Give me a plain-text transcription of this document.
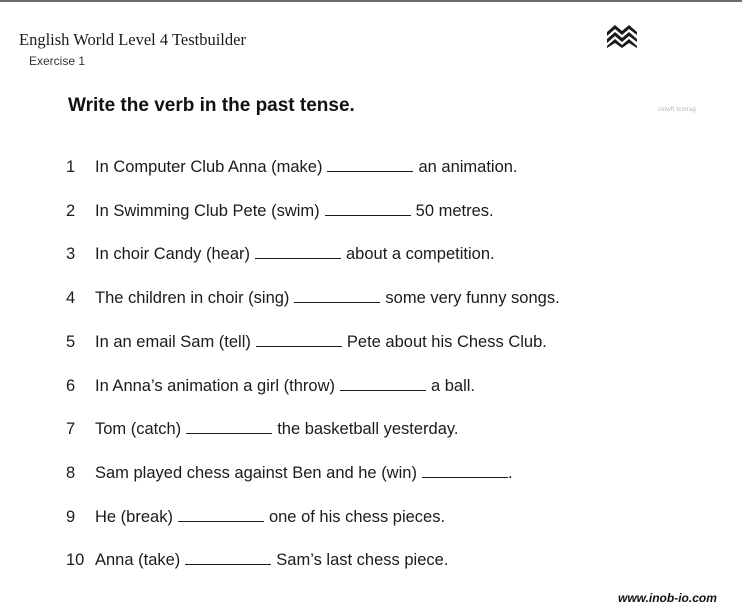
English World Level 4 Testbuilder
Exercise 1
Write the verb in the past tense.	cktwft fcmrag
1	In Computer Club Anna (make)	an animation.
2	In Swimming Club Pete (swim)	50 metres.
3	In choir Candy (hear)	about a competition.
4	The children in choir (sing)	some very funny songs.
5	In an email Sam (tell)	Pete about his Chess Club.
6	In Anna’s animation a girl (throw)	a ball.
7	Tom (catch)	the basketball yesterday.
8	Sam played chess against Ben and he (win)	.
9	He (break)	one of his chess pieces.
10 Anna (take)	Sam’s last chess piece.
www.inob-io.com
